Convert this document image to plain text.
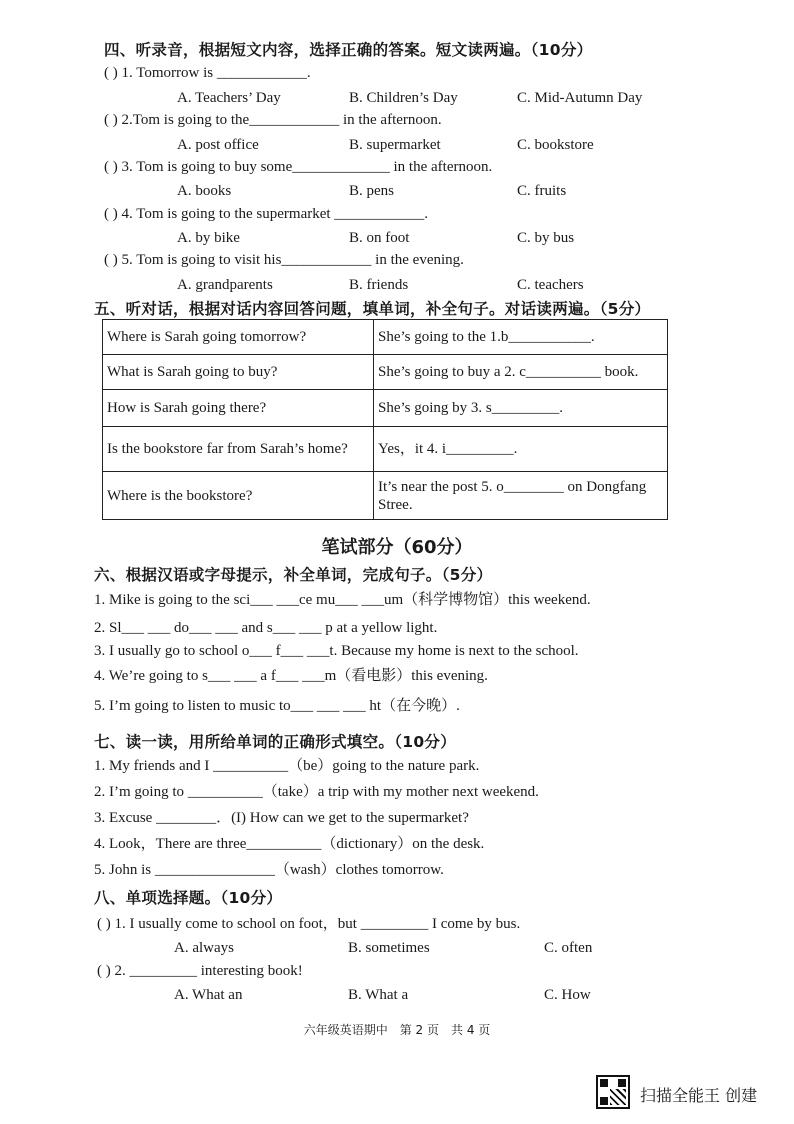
四、听录音，根据短文内容，选择正确的答案。短文读两遍。（10分）
( ) 1. Tomorrow is ____________.
A. Teachers’ Day	B. Children’s Day	C. Mid-Autumn Day
( ) 2.Tom is going to the____________ in the afternoon.
A. post office	B. supermarket	C. bookstore
( ) 3. Tom is going to buy some_____________ in the afternoon.
A. books	B. pens	C. fruits
( ) 4. Tom is going to the supermarket ____________.
A. by bike	B. on foot	C. by bus
( ) 5. Tom is going to visit his____________ in the evening.
A. grandparents	B. friends	C. teachers
五、听对话，根据对话内容回答问题，填单词，补全句子。对话读两遍。（5分）
Where is Sarah going tomorrow?	She’s going to the 1.b___________.
What is Sarah going to buy?	She’s going to buy a 2. c__________ book.
How is Sarah going there?	She’s going by 3. s_________.
Is the bookstore far from Sarah’s home?	Yes，it 4. i_________.
Where is the bookstore?	It’s near the post 5. o________ on Dongfang Stree.
笔试部分（60分）
六、根据汉语或字母提示，补全单词，完成句子。（5分）
1. Mike is going to the sci___ ___ce mu___ ___um（科学博物馆）this weekend.
2. Sl___ ___ do___ ___ and s___ ___ p at a yellow light.
3. I usually go to school o___ f___ ___t. Because my home is next to the school.
4. We’re going to s___ ___ a f___ ___m（看电影）this evening.
5. I’m going to listen to music to___ ___ ___ ht（在今晚）.
七、读一读，用所给单词的正确形式填空。（10分）
1. My friends and I __________（be）going to the nature park.
2. I’m going to __________（take）a trip with my mother next weekend.
3. Excuse ________．(I) How can we get to the supermarket?
4. Look，There are three__________（dictionary）on the desk.
5. John is ________________（wash）clothes tomorrow.
八、单项选择题。（10分）
( ) 1. I usually come to school on foot，but _________ I come by bus.
A. always	B. sometimes	C. often
( ) 2. _________ interesting book!
A. What an	B. What a	C. How
六年级英语期中　第 2 页　共 4 页
扫描全能王 创建
